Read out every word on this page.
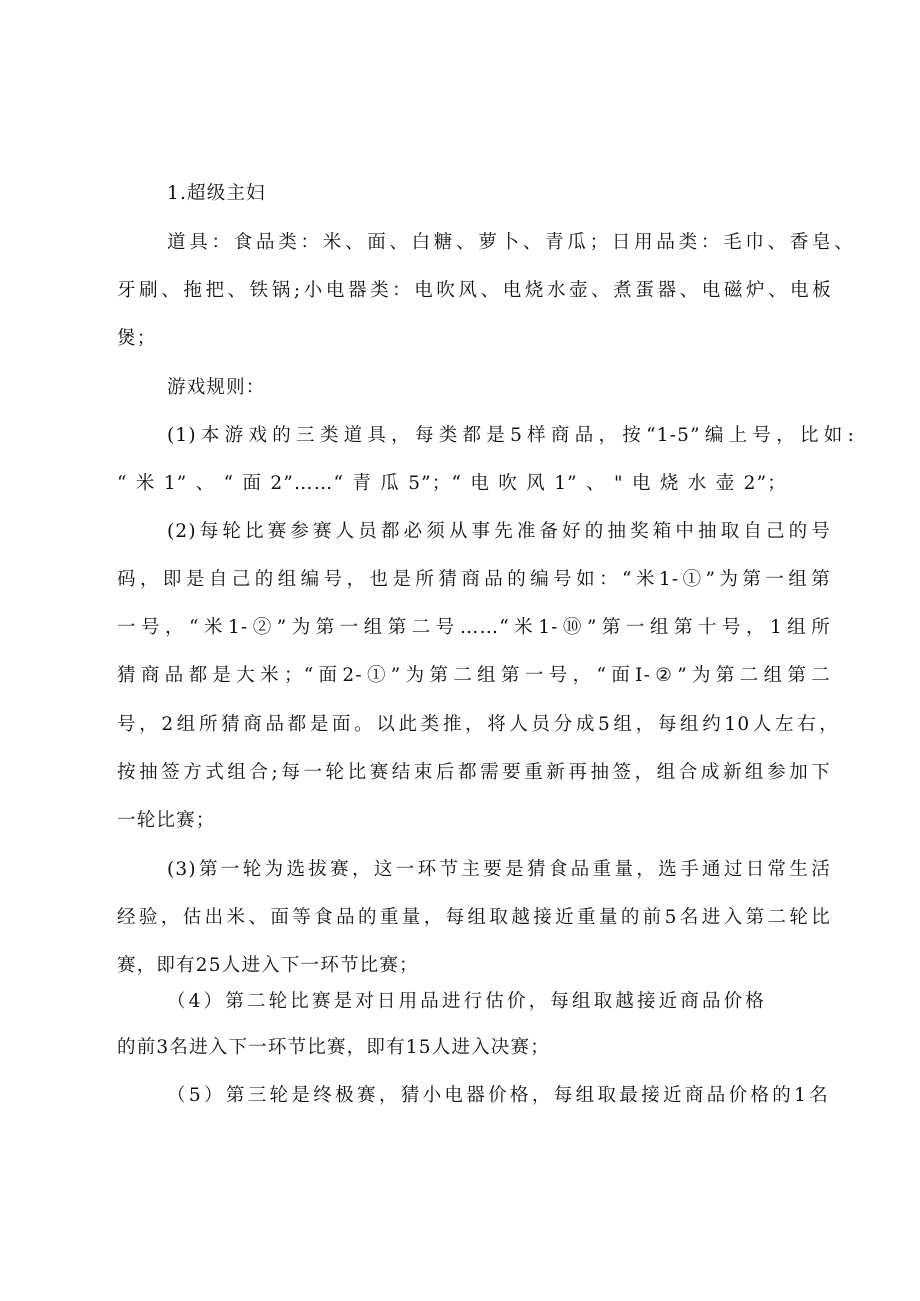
1.超级主妇
道具：食品类：米、面、白糖、萝卜、青瓜；日用品类：毛巾、香皂、
牙刷、拖把、铁锅;小电器类：电吹风、电烧水壶、煮蛋器、电磁炉、电板
煲；
游戏规则：
(1)本游戏的三类道具，每类都是5样商品，按“1-5”编上号，比如:
“米1”、“面2”……“青瓜5”；“电吹风1”、"电烧水壶2”；
(2)每轮比赛参赛人员都必须从事先准备好的抽奖箱中抽取自己的号
码，即是自己的组编号，也是所猜商品的编号如：“米1-①”为第一组第
一号，“米1-②”为第一组第二号……“米1-⑩”第一组第十号，1组所
猜商品都是大米；“面2-①”为第二组第一号，“面I-②”为第二组第二
号，2组所猜商品都是面。以此类推，将人员分成5组，每组约10人左右，
按抽签方式组合;每一轮比赛结束后都需要重新再抽签，组合成新组参加下
一轮比赛；
(3)第一轮为选拔赛，这一环节主要是猜食品重量，选手通过日常生活
经验，估出米、面等食品的重量，每组取越接近重量的前5名进入第二轮比
赛，即有25人进入下一环节比赛；
（4）第二轮比赛是对日用品进行估价，每组取越接近商品价格
的前3名进入下一环节比赛，即有15人进入决赛；
（5）第三轮是终极赛，猜小电器价格，每组取最接近商品价格的1名
